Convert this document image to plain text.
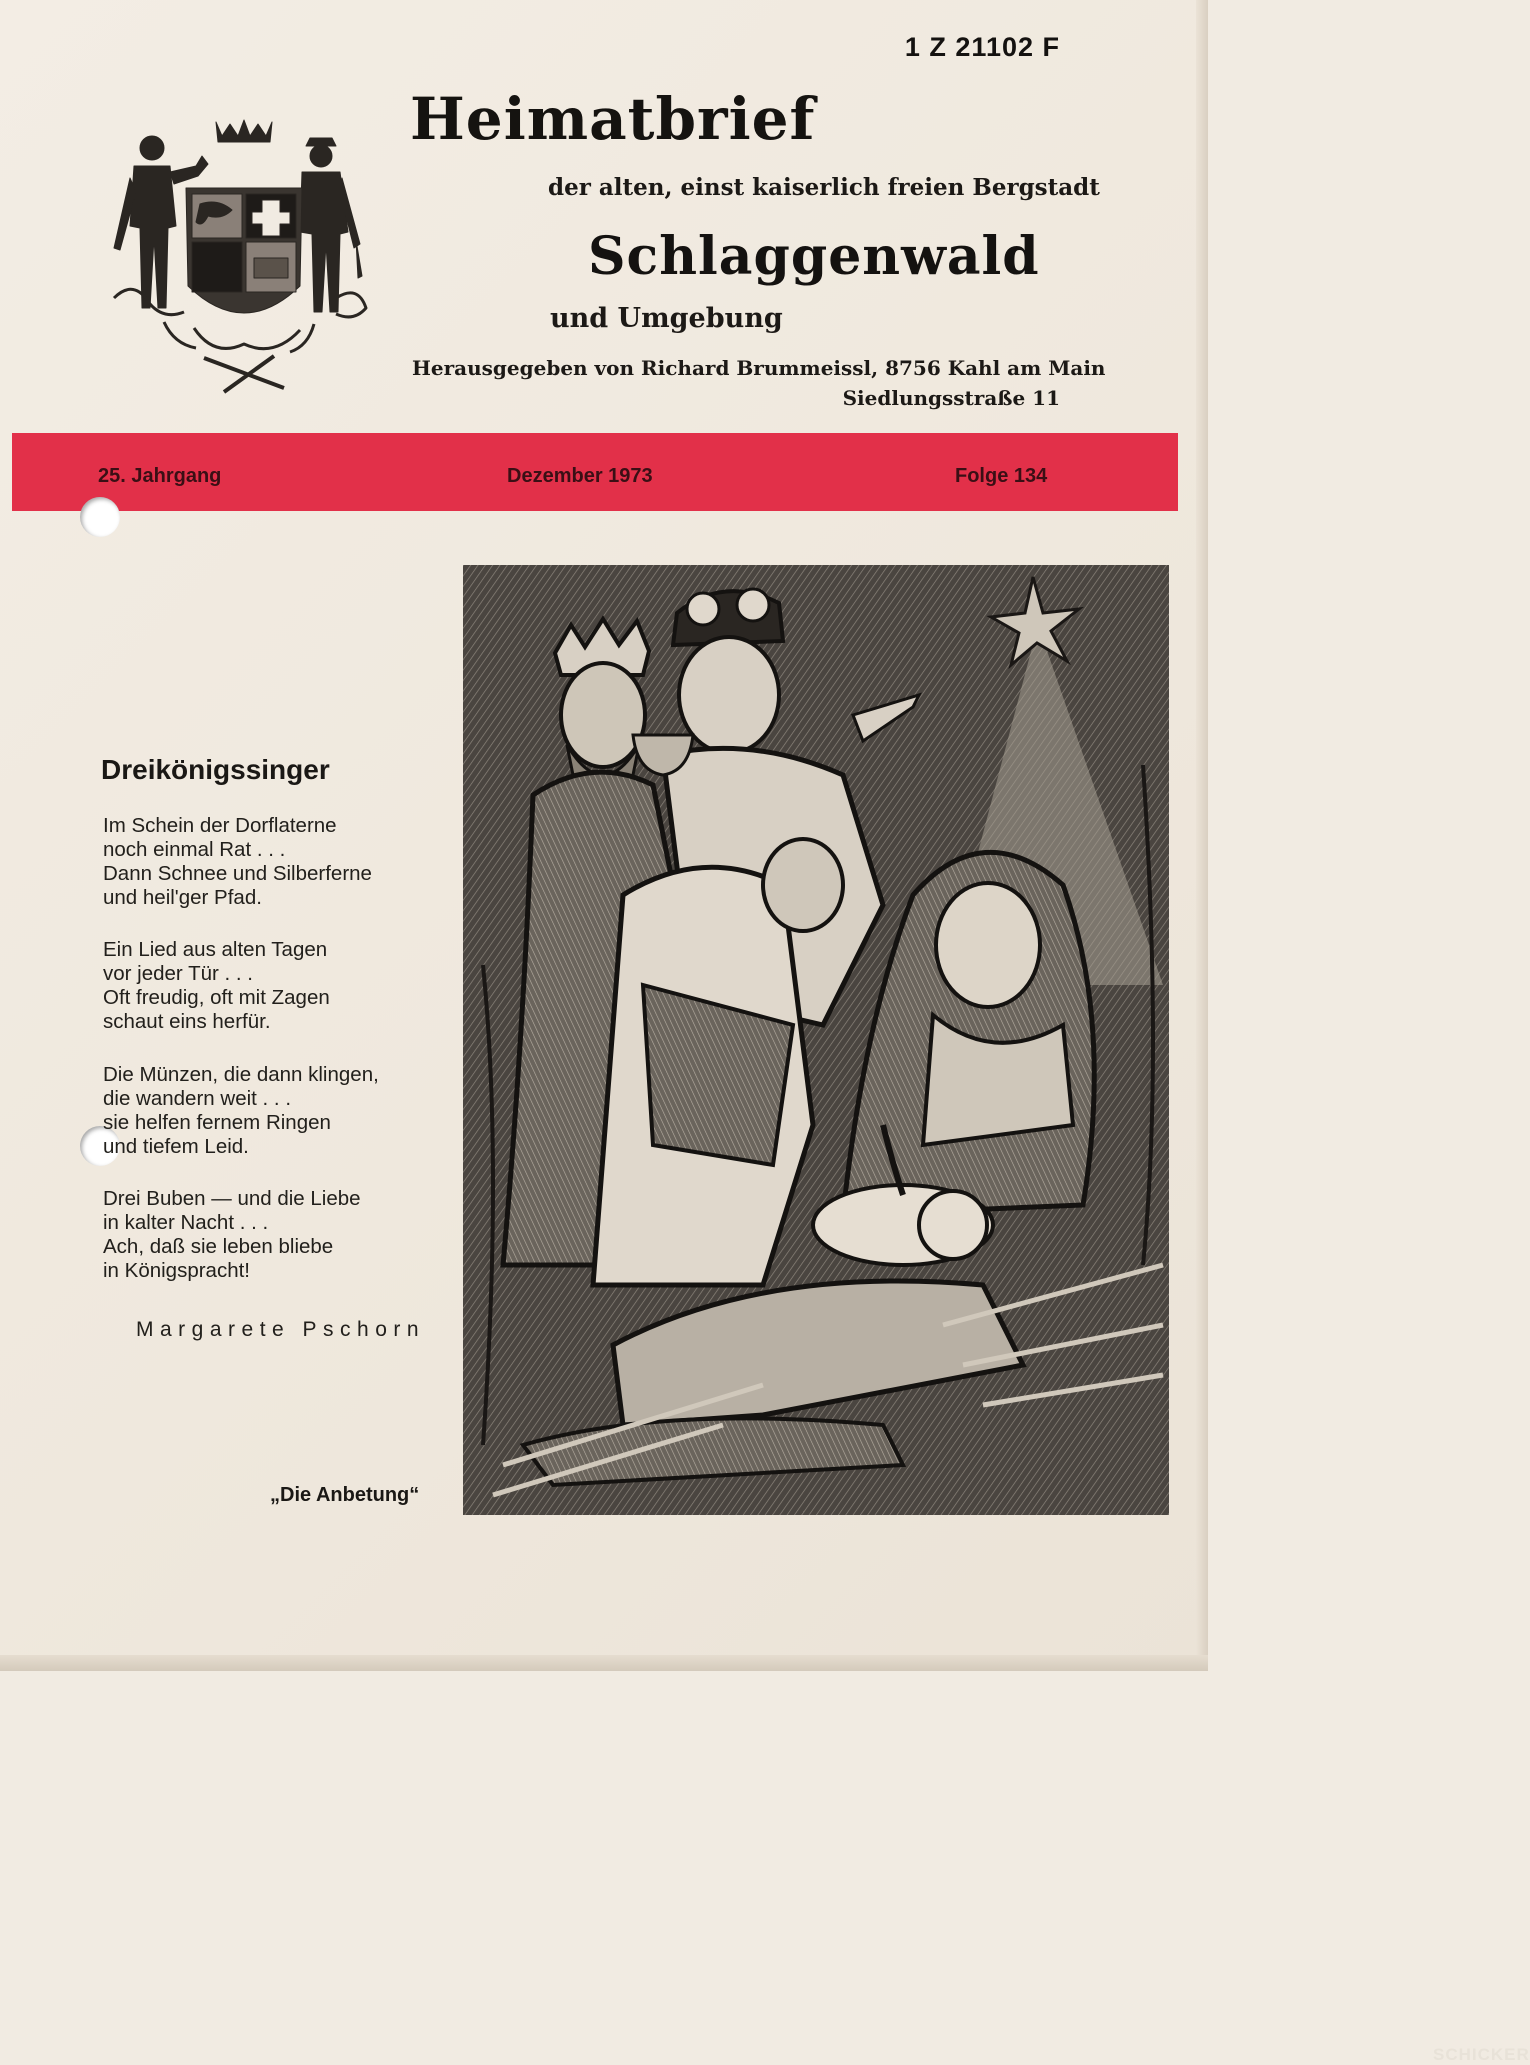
1 Z 21102 F
Heimatbrief
der alten, einst kaiserlich freien Bergstadt
Schlaggenwald
und Umgebung
Herausgegeben von Richard Brummeissl, 8756 Kahl am Main
Siedlungsstraße 11
25. Jahrgang	Dezember 1973	Folge 134
Dreikönigssinger
Im Schein der Dorflaterne
noch einmal Rat . . .
Dann Schnee und Silberferne
und heil'ger Pfad.
Ein Lied aus alten Tagen
vor jeder Tür . . .
Oft freudig, oft mit Zagen
schaut eins herfür.
Die Münzen, die dann klingen,
die wandern weit . . .
sie helfen fernem Ringen
und tiefem Leid.
Drei Buben — und die Liebe
in kalter Nacht . . .
Ach, daß sie leben bliebe
in Königspracht!
Margarete Pschorn
„Die Anbetung“
SCHICKER
